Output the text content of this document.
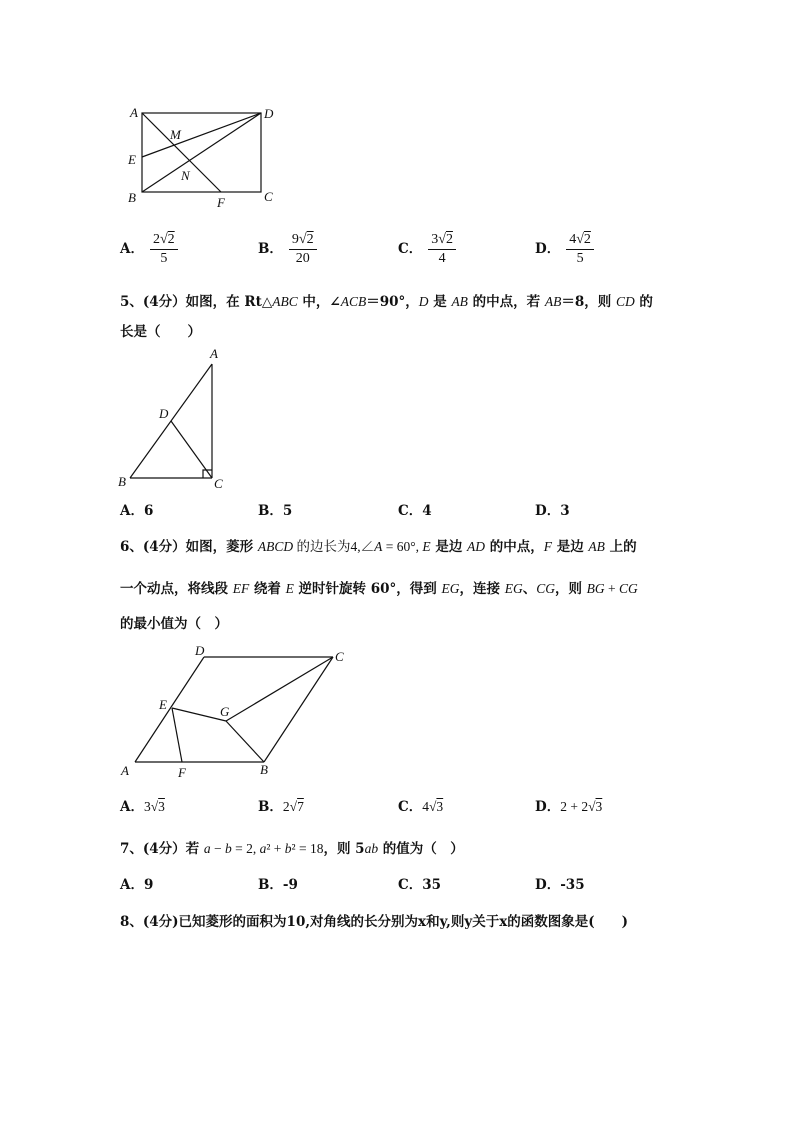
A	D
E
B	C
F
M
N
A． $\frac{2√2}{5}$	B． $\frac{9√2}{20}$	C． $\frac{3√2}{4}$	D． $\frac{4√2}{5}$
5、(4分）如图，在 Rt△ABC 中，∠ACB＝90°，D 是 AB 的中点，若 AB＝8，则 CD 的
长是（　　）
A
D
B	C
A．6	B．5	C．4	D．3
6、(4分）如图，菱形 ABCD 的边长为4,∠A = 60°, E 是边 AD 的中点，F 是边 AB 上的
一个动点，将线段 EF 绕着 E 逆时针旋转 60°，得到 EG，连接 EG、CG，则 BG + CG
的最小值为（　）
D	C
E	G
A	F	B
A．3√3	B．2√7	C．4√3	D．2 + 2√3
7、(4分）若 a − b = 2, a² + b² = 18，则 5ab 的值为（　）
A．9	B．-9	C．35	D．-35
8、(4分)已知菱形的面积为10,对角线的长分别为x和y,则y关于x的函数图象是(　　)
